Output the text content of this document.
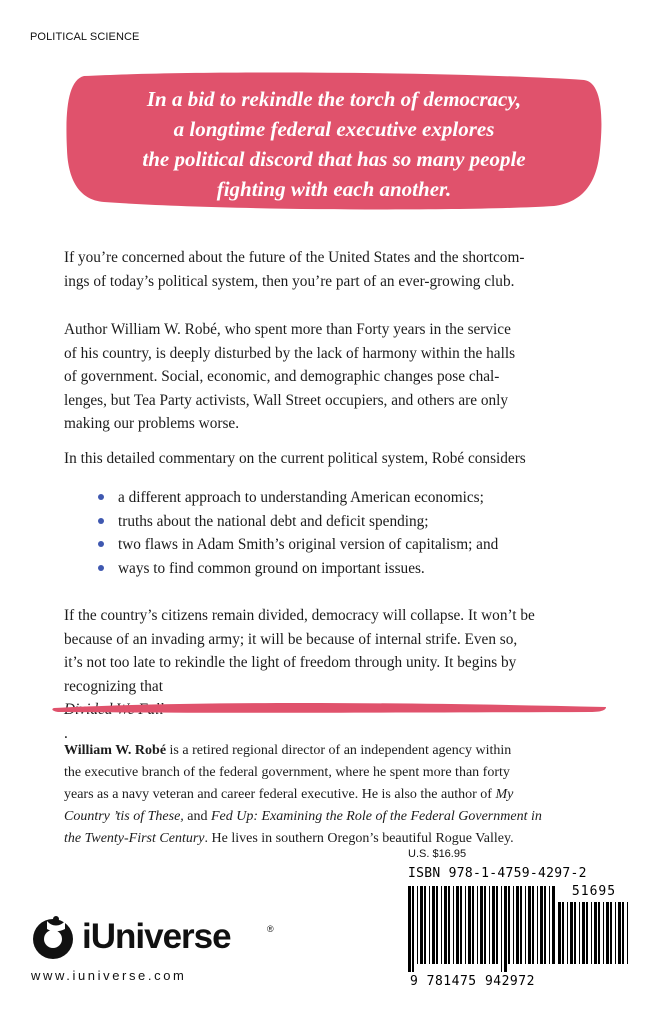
POLITICAL SCIENCE
In a bid to rekindle the torch of democracy,
a longtime federal executive explores
the political discord that has so many people
fighting with each another.
If you’re concerned about the future of the United States and the shortcom-
ings of today’s political system, then you’re part of an ever-growing club.
Author William W. Robé, who spent more than Forty years in the service
of his country, is deeply disturbed by the lack of harmony within the halls
of government. Social, economic, and demographic changes pose chal-
lenges, but Tea Party activists, Wall Street occupiers, and others are only
making our problems worse.
In this detailed commentary on the current political system, Robé considers
a different approach to understanding American economics;
truths about the national debt and deficit spending;
two flaws in Adam Smith’s original version of capitalism; and
ways to find common ground on important issues.
If the country’s citizens remain divided, democracy will collapse. It won’t be
because of an invading army; it will be because of internal strife. Even so,
it’s not too late to rekindle the light of freedom through unity. It begins by
recognizing that
.
William W. Robé is a retired regional director of an independent agency within
the executive branch of the federal government, where he spent more than forty
years as a navy veteran and career federal executive. He is also the author of My
Country ’tis of These, and Fed Up: Examining the Role of the Federal Government in
the Twenty-First Century. He lives in southern Oregon’s beautiful Rogue Valley.
U.S. $16.95
ISBN 978-1-4759-4297-2
51695
9 781475 942972
iUniverse	®
www.iuniverse.com
